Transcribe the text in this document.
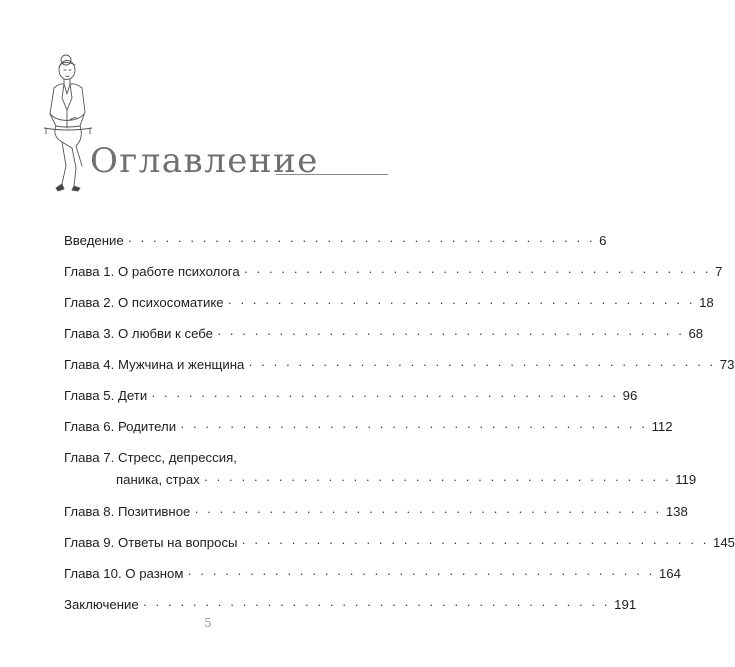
Оглавление
Введение · · · · · · · · · · · · · · · · · · · · · · · · · · · · · · · · · · · · · · 6
Глава 1. О работе психолога · · · · · · · · · · · · · · · · · · · · · · · · · · · · · · · · · · · · · · 7
Глава 2. О психосоматике · · · · · · · · · · · · · · · · · · · · · · · · · · · · · · · · · · · · · · 18
Глава 3. О любви к себе · · · · · · · · · · · · · · · · · · · · · · · · · · · · · · · · · · · · · · 68
Глава 4. Мужчина и женщина · · · · · · · · · · · · · · · · · · · · · · · · · · · · · · · · · · · · · · 73
Глава 5. Дети · · · · · · · · · · · · · · · · · · · · · · · · · · · · · · · · · · · · · · 96
Глава 6. Родители · · · · · · · · · · · · · · · · · · · · · · · · · · · · · · · · · · · · · · 112
Глава 7. Стресс, депрессия,
паника, страх · · · · · · · · · · · · · · · · · · · · · · · · · · · · · · · · · · · · · · 119
Глава 8. Позитивное · · · · · · · · · · · · · · · · · · · · · · · · · · · · · · · · · · · · · · 138
Глава 9. Ответы на вопросы · · · · · · · · · · · · · · · · · · · · · · · · · · · · · · · · · · · · · · 145
Глава 10. О разном · · · · · · · · · · · · · · · · · · · · · · · · · · · · · · · · · · · · · · 164
Заключение · · · · · · · · · · · · · · · · · · · · · · · · · · · · · · · · · · · · · · 191
5
